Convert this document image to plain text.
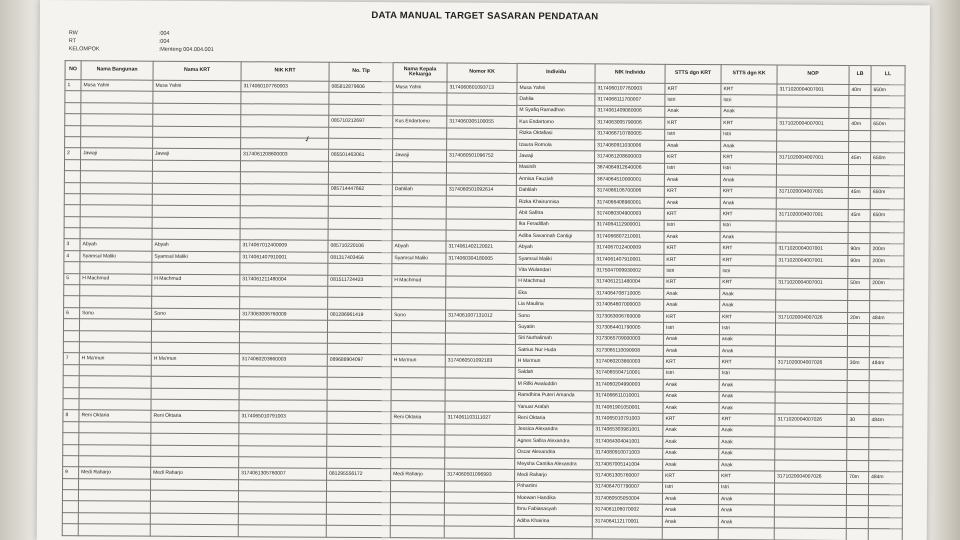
DATA MANUAL TARGET SASARAN PENDATAAN
RW	:004
RT	:004
KELOMPOK	:Menteng 004.004.001
NO	Nama Bangunan	Nama KRT	NIK KRT	No. Tlp	Nama Kepala Keluarga	Nomor KK	Individu	NIK Individu	STTS dgn KRT	STTS dgn KK	NOP	LB	LL
1	Musa Yahni	Musa Yahni	3174060107760003	085812879606	Musa Yahni	3174060601093713	Musa Yahni	3174060107760003	KRT	KRT	3171020004007001	40m	650m
							Dahlia	3174066111700007	Istri	Istri			
							M Syafiq Ramadhan	3174061409060006	Anak	Anak			
				085710212697	Kus Endartomo	3174060305100055	Kus Endartomo	3174063005790006	KRT	KRT	3171020004007001	40m	650m
							Rizka Oktafiasi	3174066710780005	Istri	Istri			
							Izaura Romola	3174060911030006	Anak	Anak			
2	Jawaji	Jawaji	3174061208600003	085501463061	Jawaji	3174060501096752	Jawaji	3174061208600003	KRT	KRT	3171020004007001	45m	650m
							Masinih	3674064912640006	Istri	Istri			
							Annisa Fauziah	3674064510000001	Anak	Anak			
				085714447662	Dahlilah	3174060501092614	Dahlilah	3174066106700006	KRT	KRT	3171020004007001	45m	650m
							Rizka Khairunnisa	3174066408960001	Anak	Anak			
							Abit Safitra	3174060304900003	KRT	KRT	3171020004007001	45m	650m
							Ika Feradillah	3174064112900001	Istri	Istri			
							Adiba Savannah Cantigi	3174066807210001	Anak	Anak			
3	Abyah	Abyah	3174067012400009	085710220106	Abyah	3174061402120021	Abyah	3174067012400009	KRT	KRT	3171020004007001	90m	200m
4	Syamsul Maliki	Syamsul Maliki	3174061407910001	081317403456	Syamsul Maliki	3174060304180005	Syamsul Maliki	3174061407910001	KRT	KRT	3171020004007001	90m	200m
							Vita Wulandari	3175047009930002	Istri	Istri			
5	H Machmud	H Machmud	3174061211480004	081511724423	H Machmud		H Machmud	3174061211480004	KRT	KRT	3171020004007001	50m	200m
							Eka	3174064708710005	Anak	Anak			
							Lia Maulina	3174064607000003	Anak	Anak			
6	Sono	Sono	3173063006760009	081286961419	Sono	3174061007131012	Sono	3173063006760009	KRT	KRT	3171020004007026	20m	484m
							Suyatin	3173064401790005	Istri	Istri			
							Siti Nurhalimah	3173065709000003	Anak	anak			
							Satrius Nur Huda	3173065110090008	Anak	Anak			
7	H Ma'mun	H Ma'mun	3174060203660003	089688904097	H Ma'mun	3174060501092183	H Ma'mun	3174060203660003	KRT	KRT	3171020004007026	30m	484m
							Saldah	3174065504710001	Istri	Istri			
							M Rifki Awaluddin	3174060204990003	Anak	Anak			
							Ramdhina Puteri Amanda	3174066611010001	Anak	Anak			
							Yanuar Arafah	3174061901050001	Anak	Anak			
8	Reni Oktaria	Reni Oktaria	3174065010791003		Reni Oktaria	3174061103111027	Reni Oktaria	3174065010791003	KRT	KRT	3171020004007026	30	484m
							Jessica Alexandra	3174065303981001	Anak	Anak			
							Agnes Safira Alexandra	3174064304041001	Anak	Anak			
							Oscar Alexandria	3174080910071003	Anak	Anak			
							Meysha Cantika Alexandra	3174067005141004	Anak	Anak			
9	Medi Raharjo	Medi Raharjo	3174061305760007	081295556172	Medi Raharjo	3174060501096993	Medi Raharjo	3174061305760007	KRT	KRT	3171020004007026	70m	484m
							Prihartini	3174064707790007	Istri	Istri			
							Moewan Handika	3174060505050004	Anak	Anak			
							Ibnu Fabianasyah	3174061106070002	Anak	Anak			
							Adiba Khairina	3174064112170001	Anak	Anak			

✓
